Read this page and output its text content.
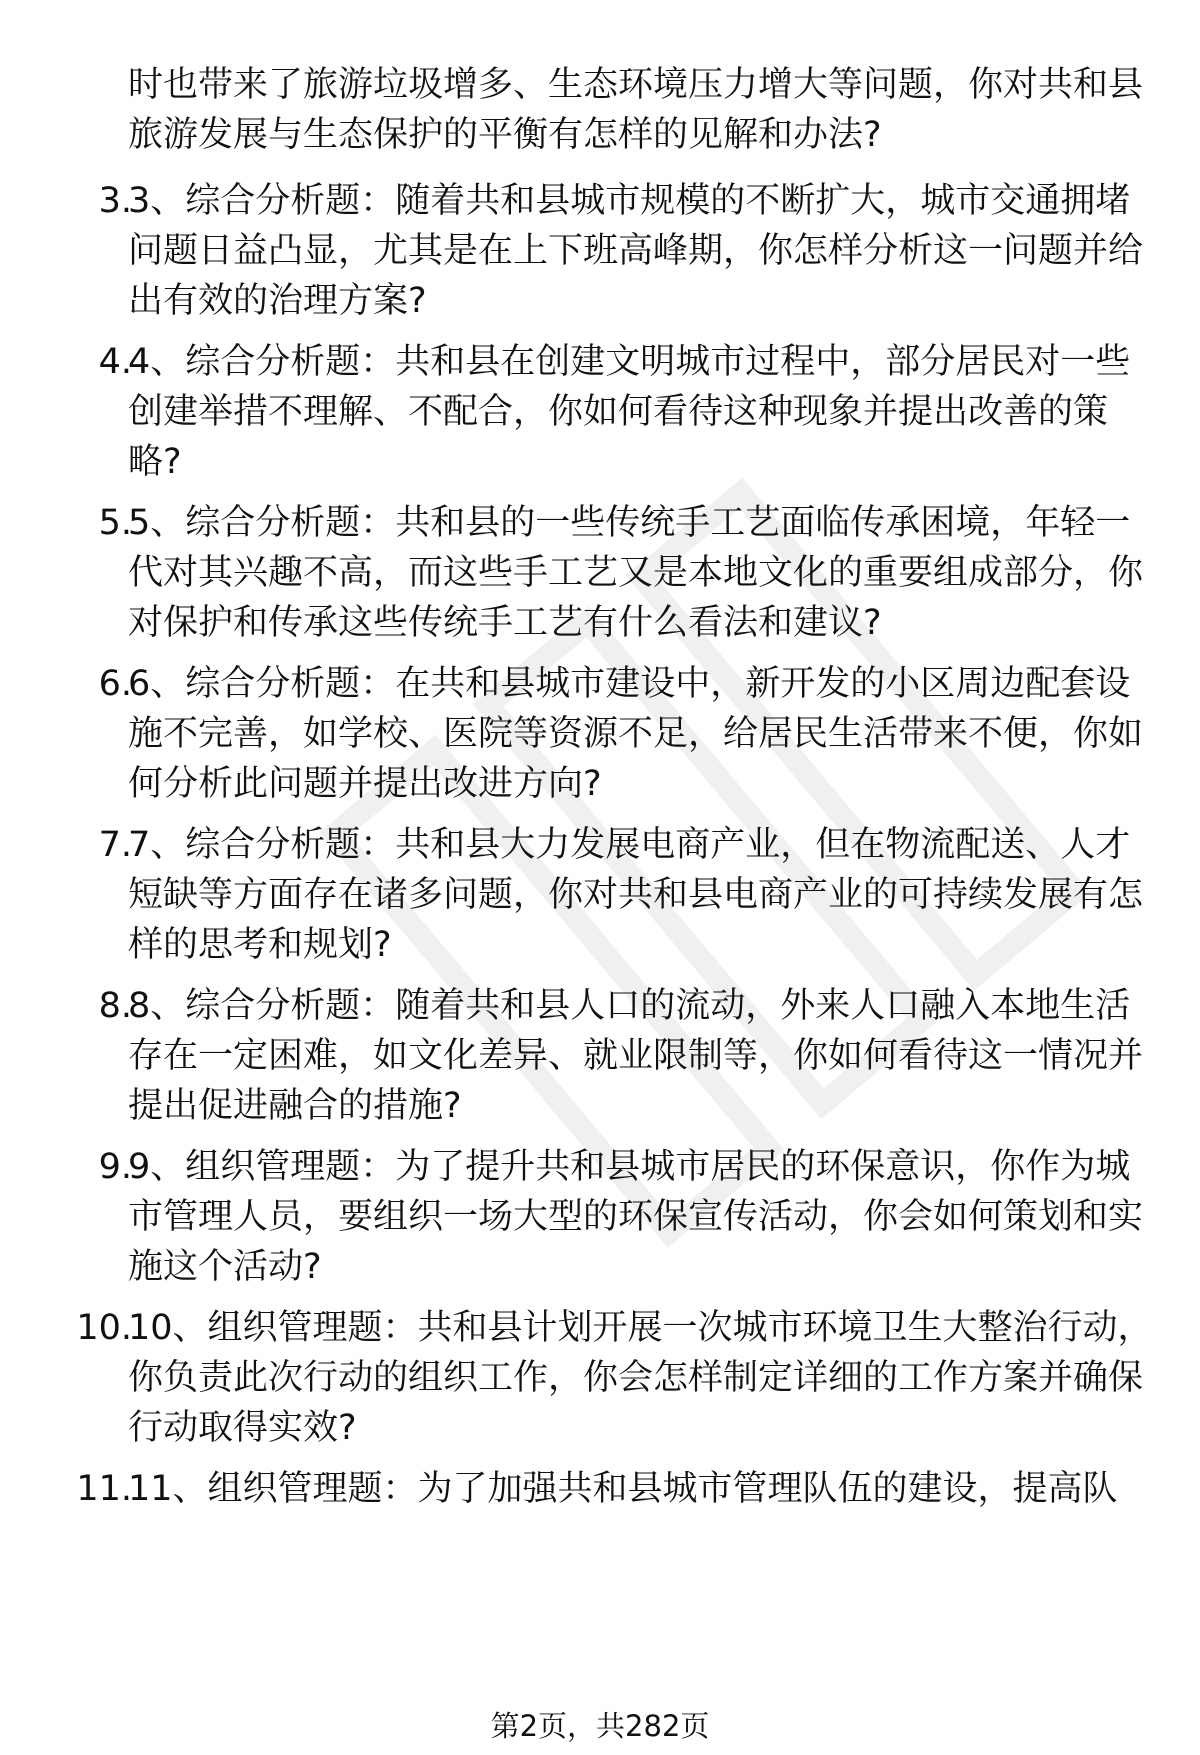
时也带来了旅游垃圾增多、生态环境压力增大等问题，你对共和县旅游发展与生态保护的平衡有怎样的见解和办法?
3.
3、综合分析题：随着共和县城市规模的不断扩大，城市交通拥堵问题日益凸显，尤其是在上下班高峰期，你怎样分析这一问题并给出有效的治理方案?
4.
4、综合分析题：共和县在创建文明城市过程中，部分居民对一些创建举措不理解、不配合，你如何看待这种现象并提出改善的策略?
5.
5、综合分析题：共和县的一些传统手工艺面临传承困境，年轻一代对其兴趣不高，而这些手工艺又是本地文化的重要组成部分，你对保护和传承这些传统手工艺有什么看法和建议?
6.
6、综合分析题：在共和县城市建设中，新开发的小区周边配套设施不完善，如学校、医院等资源不足，给居民生活带来不便，你如何分析此问题并提出改进方向?
7.
7、综合分析题：共和县大力发展电商产业，但在物流配送、人才短缺等方面存在诸多问题，你对共和县电商产业的可持续发展有怎样的思考和规划?
8.
8、综合分析题：随着共和县人口的流动，外来人口融入本地生活存在一定困难，如文化差异、就业限制等，你如何看待这一情况并提出促进融合的措施?
9.
9、组织管理题：为了提升共和县城市居民的环保意识，你作为城市管理人员，要组织一场大型的环保宣传活动，你会如何策划和实施这个活动?
10.
10、组织管理题：共和县计划开展一次城市环境卫生大整治行动，你负责此次行动的组织工作，你会怎样制定详细的工作方案并确保行动取得实效?
11.
11、组织管理题：为了加强共和县城市管理队伍的建设，提高队
第2页，共282页
